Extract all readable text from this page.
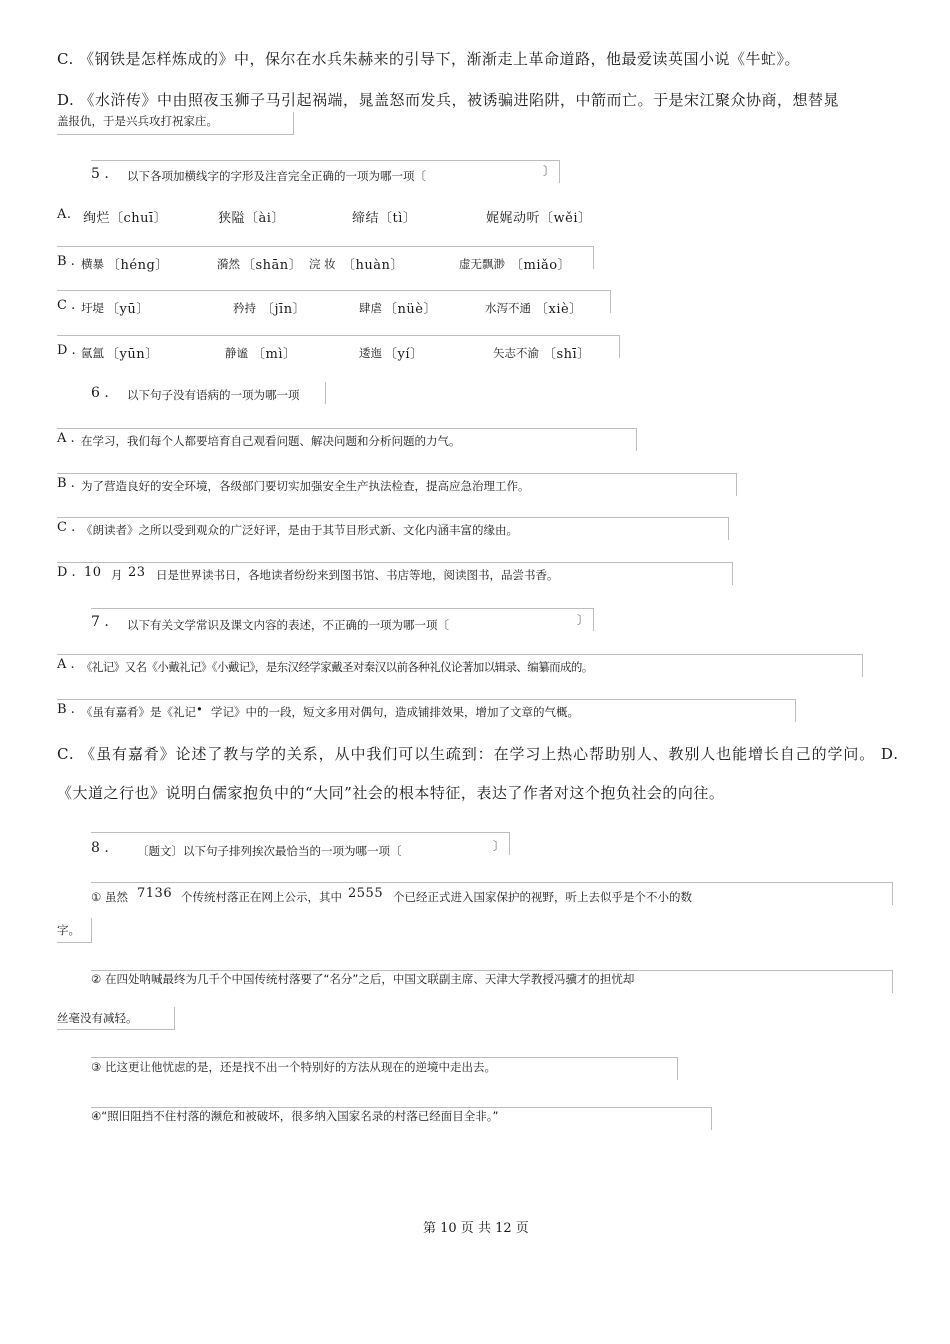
C. 《钢铁是怎样炼成的》中，保尔在水兵朱赫来的引导下，渐渐走上革命道路，他最爱读英国小说《牛虻》。
D. 《水浒传》中由照夜玉狮子马引起祸端，晁盖怒而发兵，被诱骗进陷阱，中箭而亡。于是宋江聚众协商，想替晁
盖报仇，于是兴兵攻打祝家庄。
5 . 以下各项加横线字的字形及注音完全正确的一项为哪一项〔	〕
A. 绚烂〔chuī〕	狭隘〔ài〕	缔结〔tì〕	娓娓动听〔wěi〕
B . 横暴 〔héng〕	漪然 〔shān〕 浣 妆 〔huàn〕	虚无飘渺 〔miǎo〕
C . 圩堤 〔yū〕	矜持 〔jīn〕	肆虐 〔nüè〕	水泻不通 〔xiè〕
D . 氤氲 〔yūn〕	静谧 〔mì〕	逶迤 〔yí〕	矢志不渝 〔shī〕
6 . 以下句子没有语病的一项为哪一项
A . 在学习，我们每个人都要培育自己观看问题、解决问题和分析问题的力气。
B . 为了营造良好的安全环境，各级部门要切实加强安全生产执法检查，提高应急治理工作。
C . 《朗读者》之所以受到观众的广泛好评，是由于其节目形式新、文化内涵丰富的缘由。
D . 10 月 23 日是世界读书日，各地读者纷纷来到图书馆、书店等地，阅读图书，品尝书香。
7 . 以下有关文学常识及课文内容的表述，不正确的一项为哪一项〔	〕
A . 《礼记》又名《小戴礼记》《小戴记》，是东汉经学家戴圣对秦汉以前各种礼仪论著加以辑录、编纂而成的。
B . 《虽有嘉肴》是《礼记 • 学记》中的一段，短文多用对偶句，造成铺排效果，增加了文章的气概。
C. 《虽有嘉肴》论述了教与学的关系，从中我们可以生疏到：在学习上热心帮助别人、教别人也能增长自己的学问。 D.
《大道之行也》说明白儒家抱负中的“大同”社会的根本特征，表达了作者对这个抱负社会的向往。
8 . 〔题文〕以下句子排列挨次最恰当的一项为哪一项〔	〕
① 虽然 7136 个传统村落正在网上公示，其中 2555 个已经正式进入国家保护的视野，听上去似乎是个不小的数
字。
② 在四处呐喊最终为几千个中国传统村落要了“名分”之后，中国文联副主席、天津大学教授冯骥才的担忧却
丝毫没有减轻。
③ 比这更让他忧虑的是，还是找不出一个特别好的方法从现在的逆境中走出去。
④“照旧阻挡不住村落的濒危和被破坏，很多纳入国家名录的村落已经面目全非。”
第 10 页 共 12 页
